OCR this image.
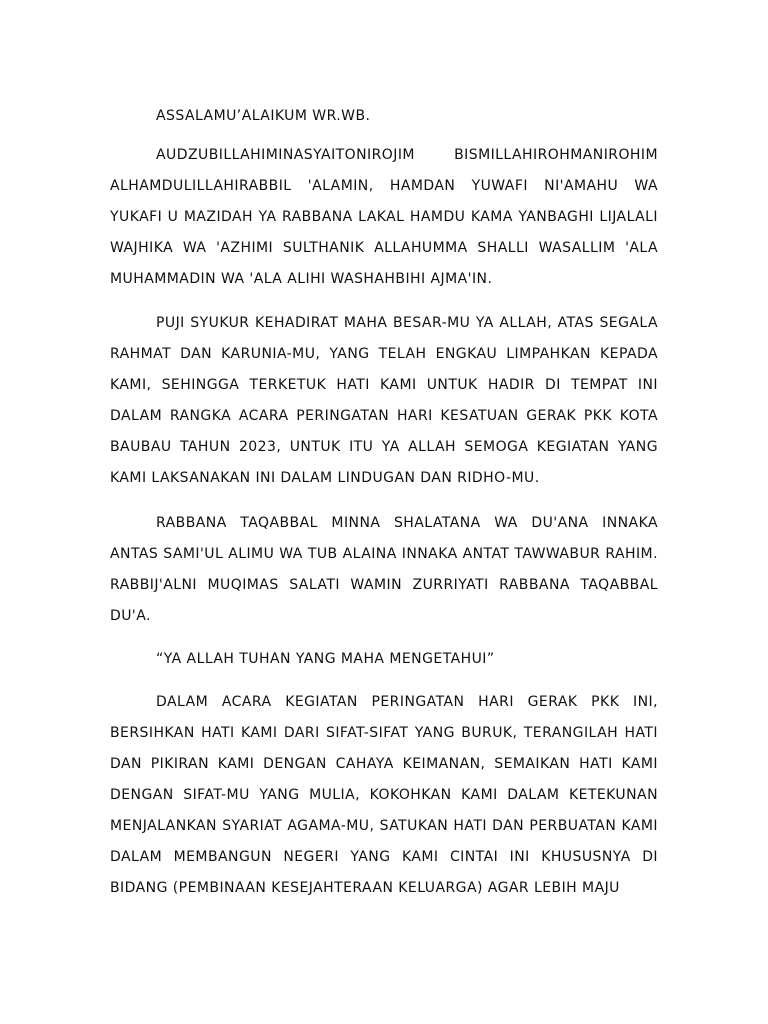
ASSALAMU’ALAIKUM WR.WB.

AUDZUBILLAHIMINASYAITONIROJIM BISMILLAHIROHMANIROHIM ALHAMDULILLAHIRABBIL 'ALAMIN, HAMDAN YUWAFI NI'AMAHU WA YUKAFI U MAZIDAH YA RABBANA LAKAL HAMDU KAMA YANBAGHI LIJALALI WAJHIKA WA 'AZHIMI SULTHANIK ALLAHUMMA SHALLI WASALLIM 'ALA MUHAMMADIN WA 'ALA ALIHI WASHAHBIHI AJMA'IN.

PUJI SYUKUR KEHADIRAT MAHA BESAR-MU YA ALLAH, ATAS SEGALA RAHMAT DAN KARUNIA-MU, YANG TELAH ENGKAU LIMPAHKAN KEPADA KAMI, SEHINGGA TERKETUK HATI KAMI UNTUK HADIR DI TEMPAT INI DALAM RANGKA ACARA PERINGATAN HARI KESATUAN GERAK PKK KOTA BAUBAU TAHUN 2023, UNTUK ITU YA ALLAH SEMOGA KEGIATAN YANG KAMI LAKSANAKAN INI DALAM LINDUGAN DAN RIDHO-MU.

RABBANA TAQABBAL MINNA SHALATANA WA DU'ANA INNAKA ANTAS SAMI'UL ALIMU WA TUB ALAINA INNAKA ANTAT TAWWABUR RAHIM. RABBIJ'ALNI MUQIMAS SALATI WAMIN ZURRIYATI RABBANA TAQABBAL DU'A.

“YA ALLAH TUHAN YANG MAHA MENGETAHUI”

DALAM ACARA KEGIATAN PERINGATAN HARI GERAK PKK INI, BERSIHKAN HATI KAMI DARI SIFAT-SIFAT YANG BURUK, TERANGILAH HATI DAN PIKIRAN KAMI DENGAN CAHAYA KEIMANAN, SEMAIKAN HATI KAMI DENGAN SIFAT-MU YANG MULIA, KOKOHKAN KAMI DALAM KETEKUNAN MENJALANKAN SYARIAT AGAMA-MU, SATUKAN HATI DAN PERBUATAN KAMI DALAM MEMBANGUN NEGERI YANG KAMI CINTAI INI KHUSUSNYA DI BIDANG (PEMBINAAN KESEJAHTERAAN KELUARGA) AGAR LEBIH MAJU
